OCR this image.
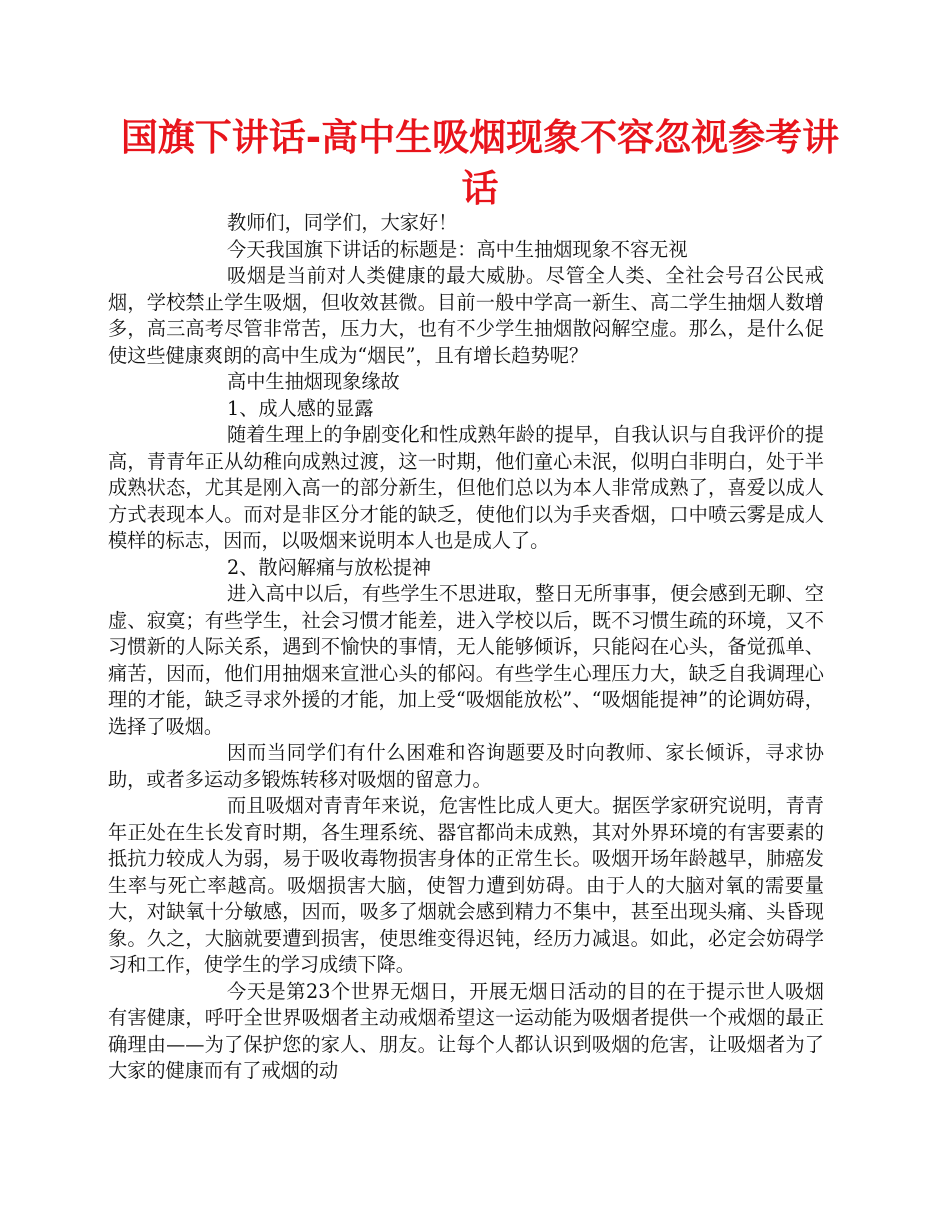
国旗下讲话-高中生吸烟现象不容忽视参考讲话

教师们，同学们，大家好！

今天我国旗下讲话的标题是：高中生抽烟现象不容无视

吸烟是当前对人类健康的最大威胁。尽管全人类、全社会号召公民戒烟，学校禁止学生吸烟，但收效甚微。目前一般中学高一新生、高二学生抽烟人数增多，高三高考尽管非常苦，压力大，也有不少学生抽烟散闷解空虚。那么，是什么促使这些健康爽朗的高中生成为“烟民”，且有增长趋势呢？

高中生抽烟现象缘故

1、成人感的显露

随着生理上的争剧变化和性成熟年龄的提早，自我认识与自我评价的提高，青青年正从幼稚向成熟过渡，这一时期，他们童心未泯，似明白非明白，处于半成熟状态，尤其是刚入高一的部分新生，但他们总以为本人非常成熟了，喜爱以成人方式表现本人。而对是非区分才能的缺乏，使他们以为手夹香烟，口中喷云雾是成人模样的标志，因而，以吸烟来说明本人也是成人了。

2、散闷解痛与放松提神

进入高中以后，有些学生不思进取，整日无所事事，便会感到无聊、空虚、寂寞；有些学生，社会习惯才能差，进入学校以后，既不习惯生疏的环境，又不习惯新的人际关系，遇到不愉快的事情，无人能够倾诉，只能闷在心头，备觉孤单、痛苦，因而，他们用抽烟来宣泄心头的郁闷。有些学生心理压力大，缺乏自我调理心理的才能，缺乏寻求外援的才能，加上受“吸烟能放松”、“吸烟能提神”的论调妨碍，选择了吸烟。

因而当同学们有什么困难和咨询题要及时向教师、家长倾诉，寻求协助，或者多运动多锻炼转移对吸烟的留意力。

而且吸烟对青青年来说，危害性比成人更大。据医学家研究说明，青青年正处在生长发育时期，各生理系统、器官都尚未成熟，其对外界环境的有害要素的抵抗力较成人为弱，易于吸收毒物损害身体的正常生长。吸烟开场年龄越早，肺癌发生率与死亡率越高。吸烟损害大脑，使智力遭到妨碍。由于人的大脑对氧的需要量大，对缺氧十分敏感，因而，吸多了烟就会感到精力不集中，甚至出现头痛、头昏现象。久之，大脑就要遭到损害，使思维变得迟钝，经历力减退。如此，必定会妨碍学习和工作，使学生的学习成绩下降。

今天是第23个世界无烟日，开展无烟日活动的目的在于提示世人吸烟有害健康，呼吁全世界吸烟者主动戒烟希望这一运动能为吸烟者提供一个戒烟的最正确理由——为了保护您的家人、朋友。让每个人都认识到吸烟的危害，让吸烟者为了大家的健康而有了戒烟的动
